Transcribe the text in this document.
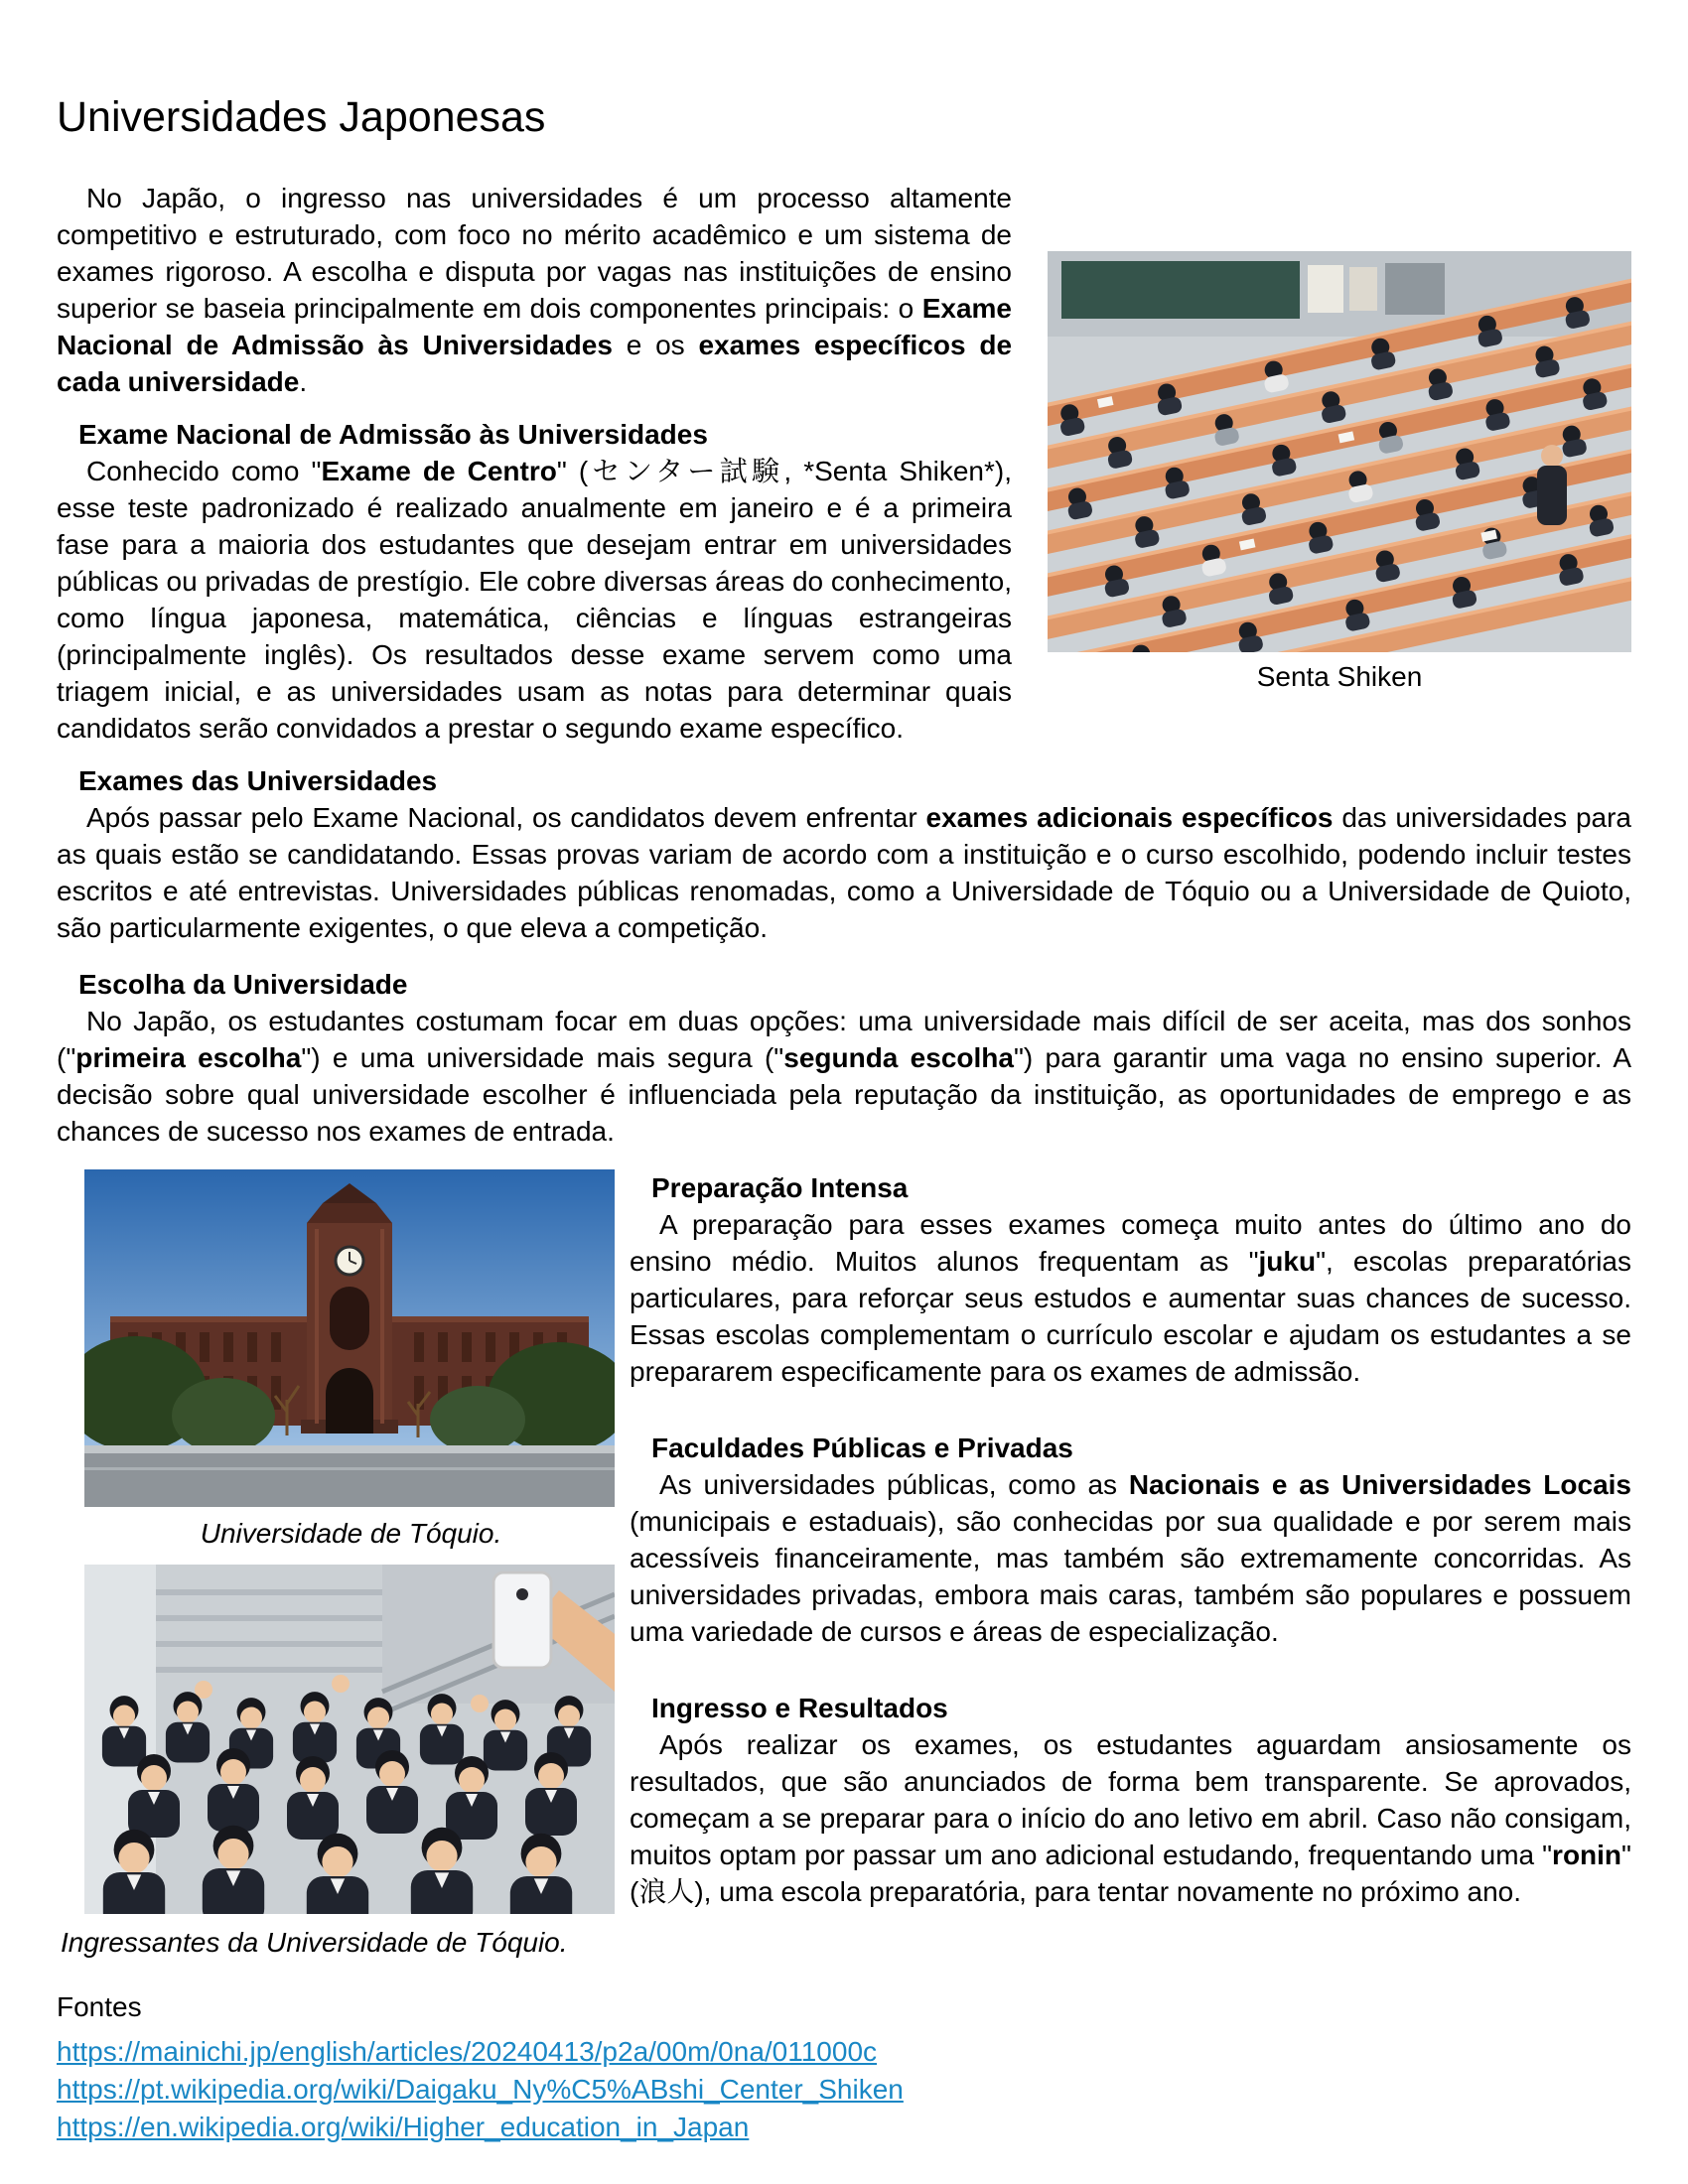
Universidades Japonesas
Senta Shiken

No Japão, o ingresso nas universidades é um processo altamente competitivo e estruturado, com foco no mérito acadêmico e um sistema de exames rigoroso. A escolha e disputa por vagas nas instituições de ensino superior se baseia principalmente em dois componentes principais: o Exame Nacional de Admissão às Universidades e os exames específicos de cada universidade.

Exame Nacional de Admissão às Universidades

Conhecido como "Exame de Centro" (センター試験, *Senta Shiken*), esse teste padronizado é realizado anualmente em janeiro e é a primeira fase para a maioria dos estudantes que desejam entrar em universidades públicas ou privadas de prestígio. Ele cobre diversas áreas do conhecimento, como língua japonesa, matemática, ciências e línguas estrangeiras (principalmente inglês). Os resultados desse exame servem como uma triagem inicial, e as universidades usam as notas para determinar quais candidatos serão convidados a prestar o segundo exame específico.

Exames das Universidades

Após passar pelo Exame Nacional, os candidatos devem enfrentar exames adicionais específicos das universidades para as quais estão se candidatando. Essas provas variam de acordo com a instituição e o curso escolhido, podendo incluir testes escritos e até entrevistas. Universidades públicas renomadas, como a Universidade de Tóquio ou a Universidade de Quioto, são particularmente exigentes, o que eleva a competição.

Escolha da Universidade

No Japão, os estudantes costumam focar em duas opções: uma universidade mais difícil de ser aceita, mas dos sonhos ("primeira escolha") e uma universidade mais segura ("segunda escolha") para garantir uma vaga no ensino superior. A decisão sobre qual universidade escolher é influenciada pela reputação da instituição, as oportunidades de emprego e as chances de sucesso nos exames de entrada.

Universidade de Tóquio.
Ingressantes da Universidade de Tóquio.
Preparação Intensa

A preparação para esses exames começa muito antes do último ano do ensino médio. Muitos alunos frequentam as "juku", escolas preparatórias particulares, para reforçar seus estudos e aumentar suas chances de sucesso. Essas escolas complementam o currículo escolar e ajudam os estudantes a se prepararem especificamente para os exames de admissão.

Faculdades Públicas e Privadas

As universidades públicas, como as Nacionais e as Universidades Locais (municipais e estaduais), são conhecidas por sua qualidade e por serem mais acessíveis financeiramente, mas também são extremamente concorridas. As universidades privadas, embora mais caras, também são populares e possuem uma variedade de cursos e áreas de especialização.

Ingresso e Resultados

Após realizar os exames, os estudantes aguardam ansiosamente os resultados, que são anunciados de forma bem transparente. Se aprovados, começam a se preparar para o início do ano letivo em abril. Caso não consigam, muitos optam por passar um ano adicional estudando, frequentando uma "ronin" (浪人), uma escola preparatória, para tentar novamente no próximo ano.

Fontes
https://mainichi.jp/english/articles/20240413/p2a/00m/0na/011000c
https://pt.wikipedia.org/wiki/Daigaku_Ny%C5%ABshi_Center_Shiken
https://en.wikipedia.org/wiki/Higher_education_in_Japan
